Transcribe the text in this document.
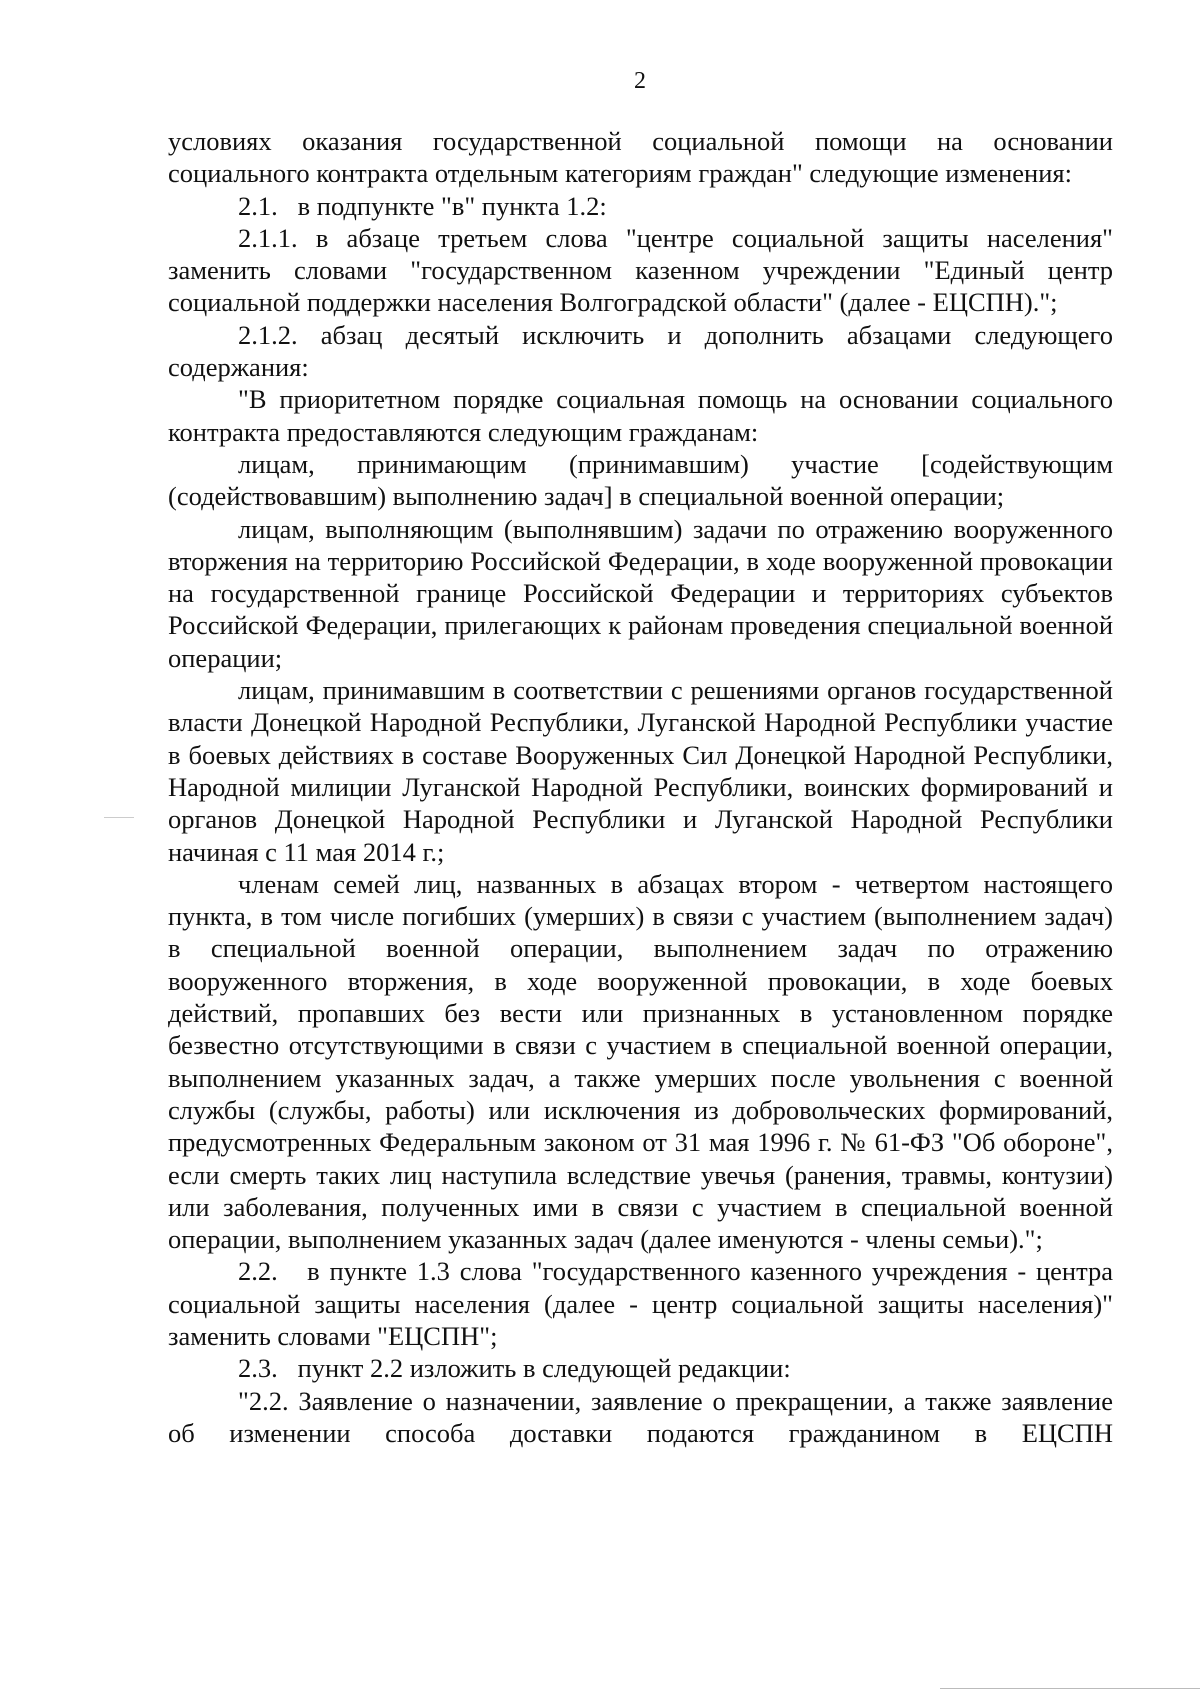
2

условиях оказания государственной социальной помощи на основании социального контракта отдельным категориям граждан" следующие изменения:

2.1.   в подпункте "в" пункта 1.2:

2.1.1. в абзаце третьем слова "центре социальной защиты населения" заменить словами "государственном казенном учреждении "Единый центр социальной поддержки населения Волгоградской области" (далее - ЕЦСПН).";

2.1.2. абзац десятый исключить и дополнить абзацами следующего содержания:

"В приоритетном порядке социальная помощь на основании социального контракта предоставляются следующим гражданам:

лицам, принимающим (принимавшим) участие [содействующим (содействовавшим) выполнению задач] в специальной военной операции;

лицам, выполняющим (выполнявшим) задачи по отражению вооруженного вторжения на территорию Российской Федерации, в ходе вооруженной провокации на государственной границе Российской Федерации и территориях субъектов Российской Федерации, прилегающих к районам проведения специальной военной операции;

лицам, принимавшим в соответствии с решениями органов государственной власти Донецкой Народной Республики, Луганской Народной Республики участие в боевых действиях в составе Вооруженных Сил Донецкой Народной Республики, Народной милиции Луганской Народной Республики, воинских формирований и органов Донецкой Народной Республики и Луганской Народной Республики начиная с 11 мая 2014 г.;

членам семей лиц, названных в абзацах втором - четвертом настоящего пункта, в том числе погибших (умерших) в связи с участием (выполнением задач) в специальной военной операции, выполнением задач по отражению вооруженного вторжения, в ходе вооруженной провокации, в ходе боевых действий, пропавших без вести или признанных в установленном порядке безвестно отсутствующими в связи с участием в специальной военной операции, выполнением указанных задач, а также умерших после увольнения с военной службы (службы, работы) или исключения из добровольческих формирований, предусмотренных Федеральным законом от 31 мая 1996 г. № 61-ФЗ "Об обороне", если смерть таких лиц наступила вследствие увечья (ранения, травмы, контузии) или заболевания, полученных ими в связи с участием в специальной военной операции, выполнением указанных задач (далее именуются - члены семьи).";

2.2.   в пункте 1.3 слова "государственного казенного учреждения - центра социальной защиты населения (далее - центр социальной защиты населения)" заменить словами "ЕЦСПН";

2.3.   пункт 2.2 изложить в следующей редакции:

"2.2. Заявление о назначении, заявление о прекращении, а также заявление об изменении способа доставки подаются гражданином в ЕЦСПН
